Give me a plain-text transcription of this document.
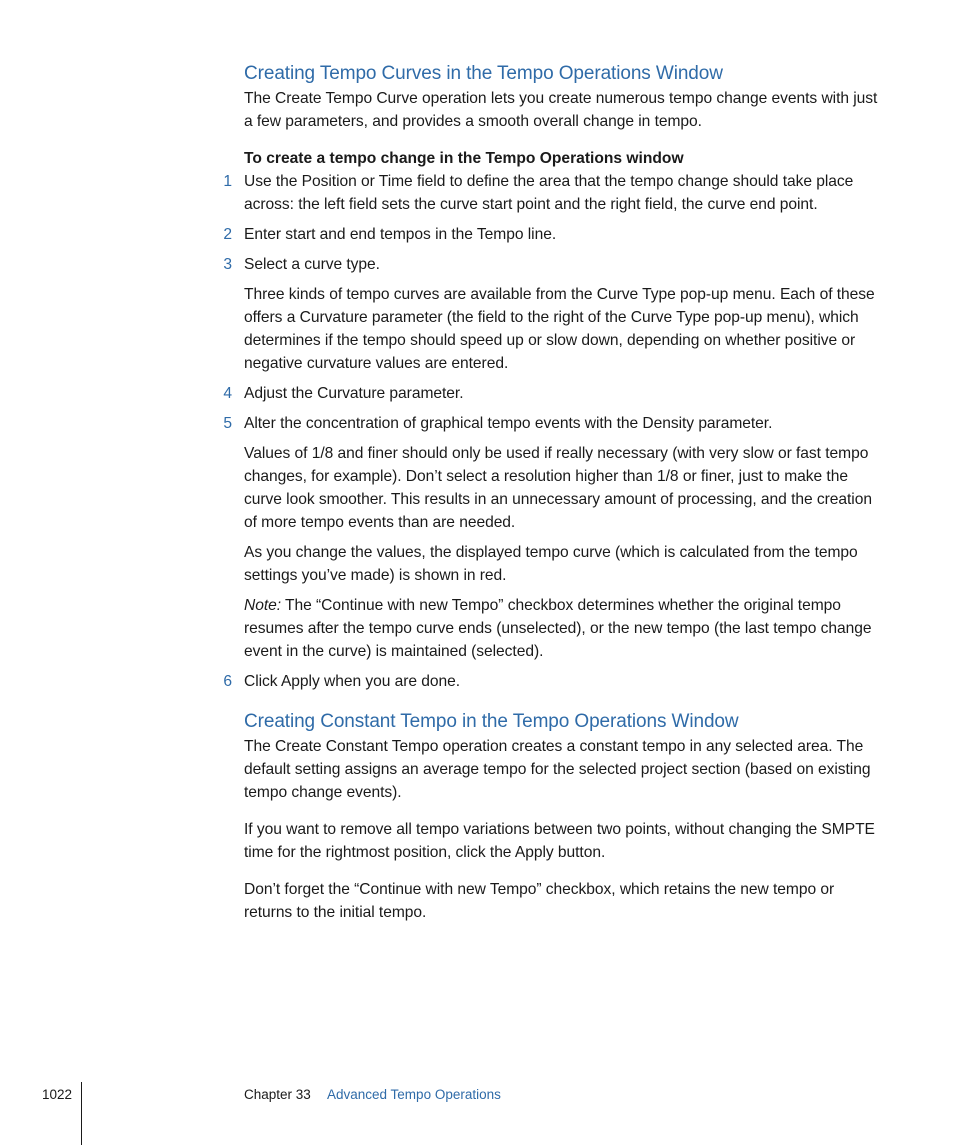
Creating Tempo Curves in the Tempo Operations Window
The Create Tempo Curve operation lets you create numerous tempo change events with just a few parameters, and provides a smooth overall change in tempo.
To create a tempo change in the Tempo Operations window
1 Use the Position or Time field to define the area that the tempo change should take place across: the left field sets the curve start point and the right field, the curve end point.
2 Enter start and end tempos in the Tempo line.
3 Select a curve type.
Three kinds of tempo curves are available from the Curve Type pop-up menu. Each of these offers a Curvature parameter (the field to the right of the Curve Type pop-up menu), which determines if the tempo should speed up or slow down, depending on whether positive or negative curvature values are entered.
4 Adjust the Curvature parameter.
5 Alter the concentration of graphical tempo events with the Density parameter.
Values of 1/8 and finer should only be used if really necessary (with very slow or fast tempo changes, for example). Don’t select a resolution higher than 1/8 or finer, just to make the curve look smoother. This results in an unnecessary amount of processing, and the creation of more tempo events than are needed.
As you change the values, the displayed tempo curve (which is calculated from the tempo settings you’ve made) is shown in red.
Note: The “Continue with new Tempo” checkbox determines whether the original tempo resumes after the tempo curve ends (unselected), or the new tempo (the last tempo change event in the curve) is maintained (selected).
6 Click Apply when you are done.
Creating Constant Tempo in the Tempo Operations Window
The Create Constant Tempo operation creates a constant tempo in any selected area. The default setting assigns an average tempo for the selected project section (based on existing tempo change events).
If you want to remove all tempo variations between two points, without changing the SMPTE time for the rightmost position, click the Apply button.
Don’t forget the “Continue with new Tempo” checkbox, which retains the new tempo or returns to the initial tempo.
1022	Chapter 33 Advanced Tempo Operations
